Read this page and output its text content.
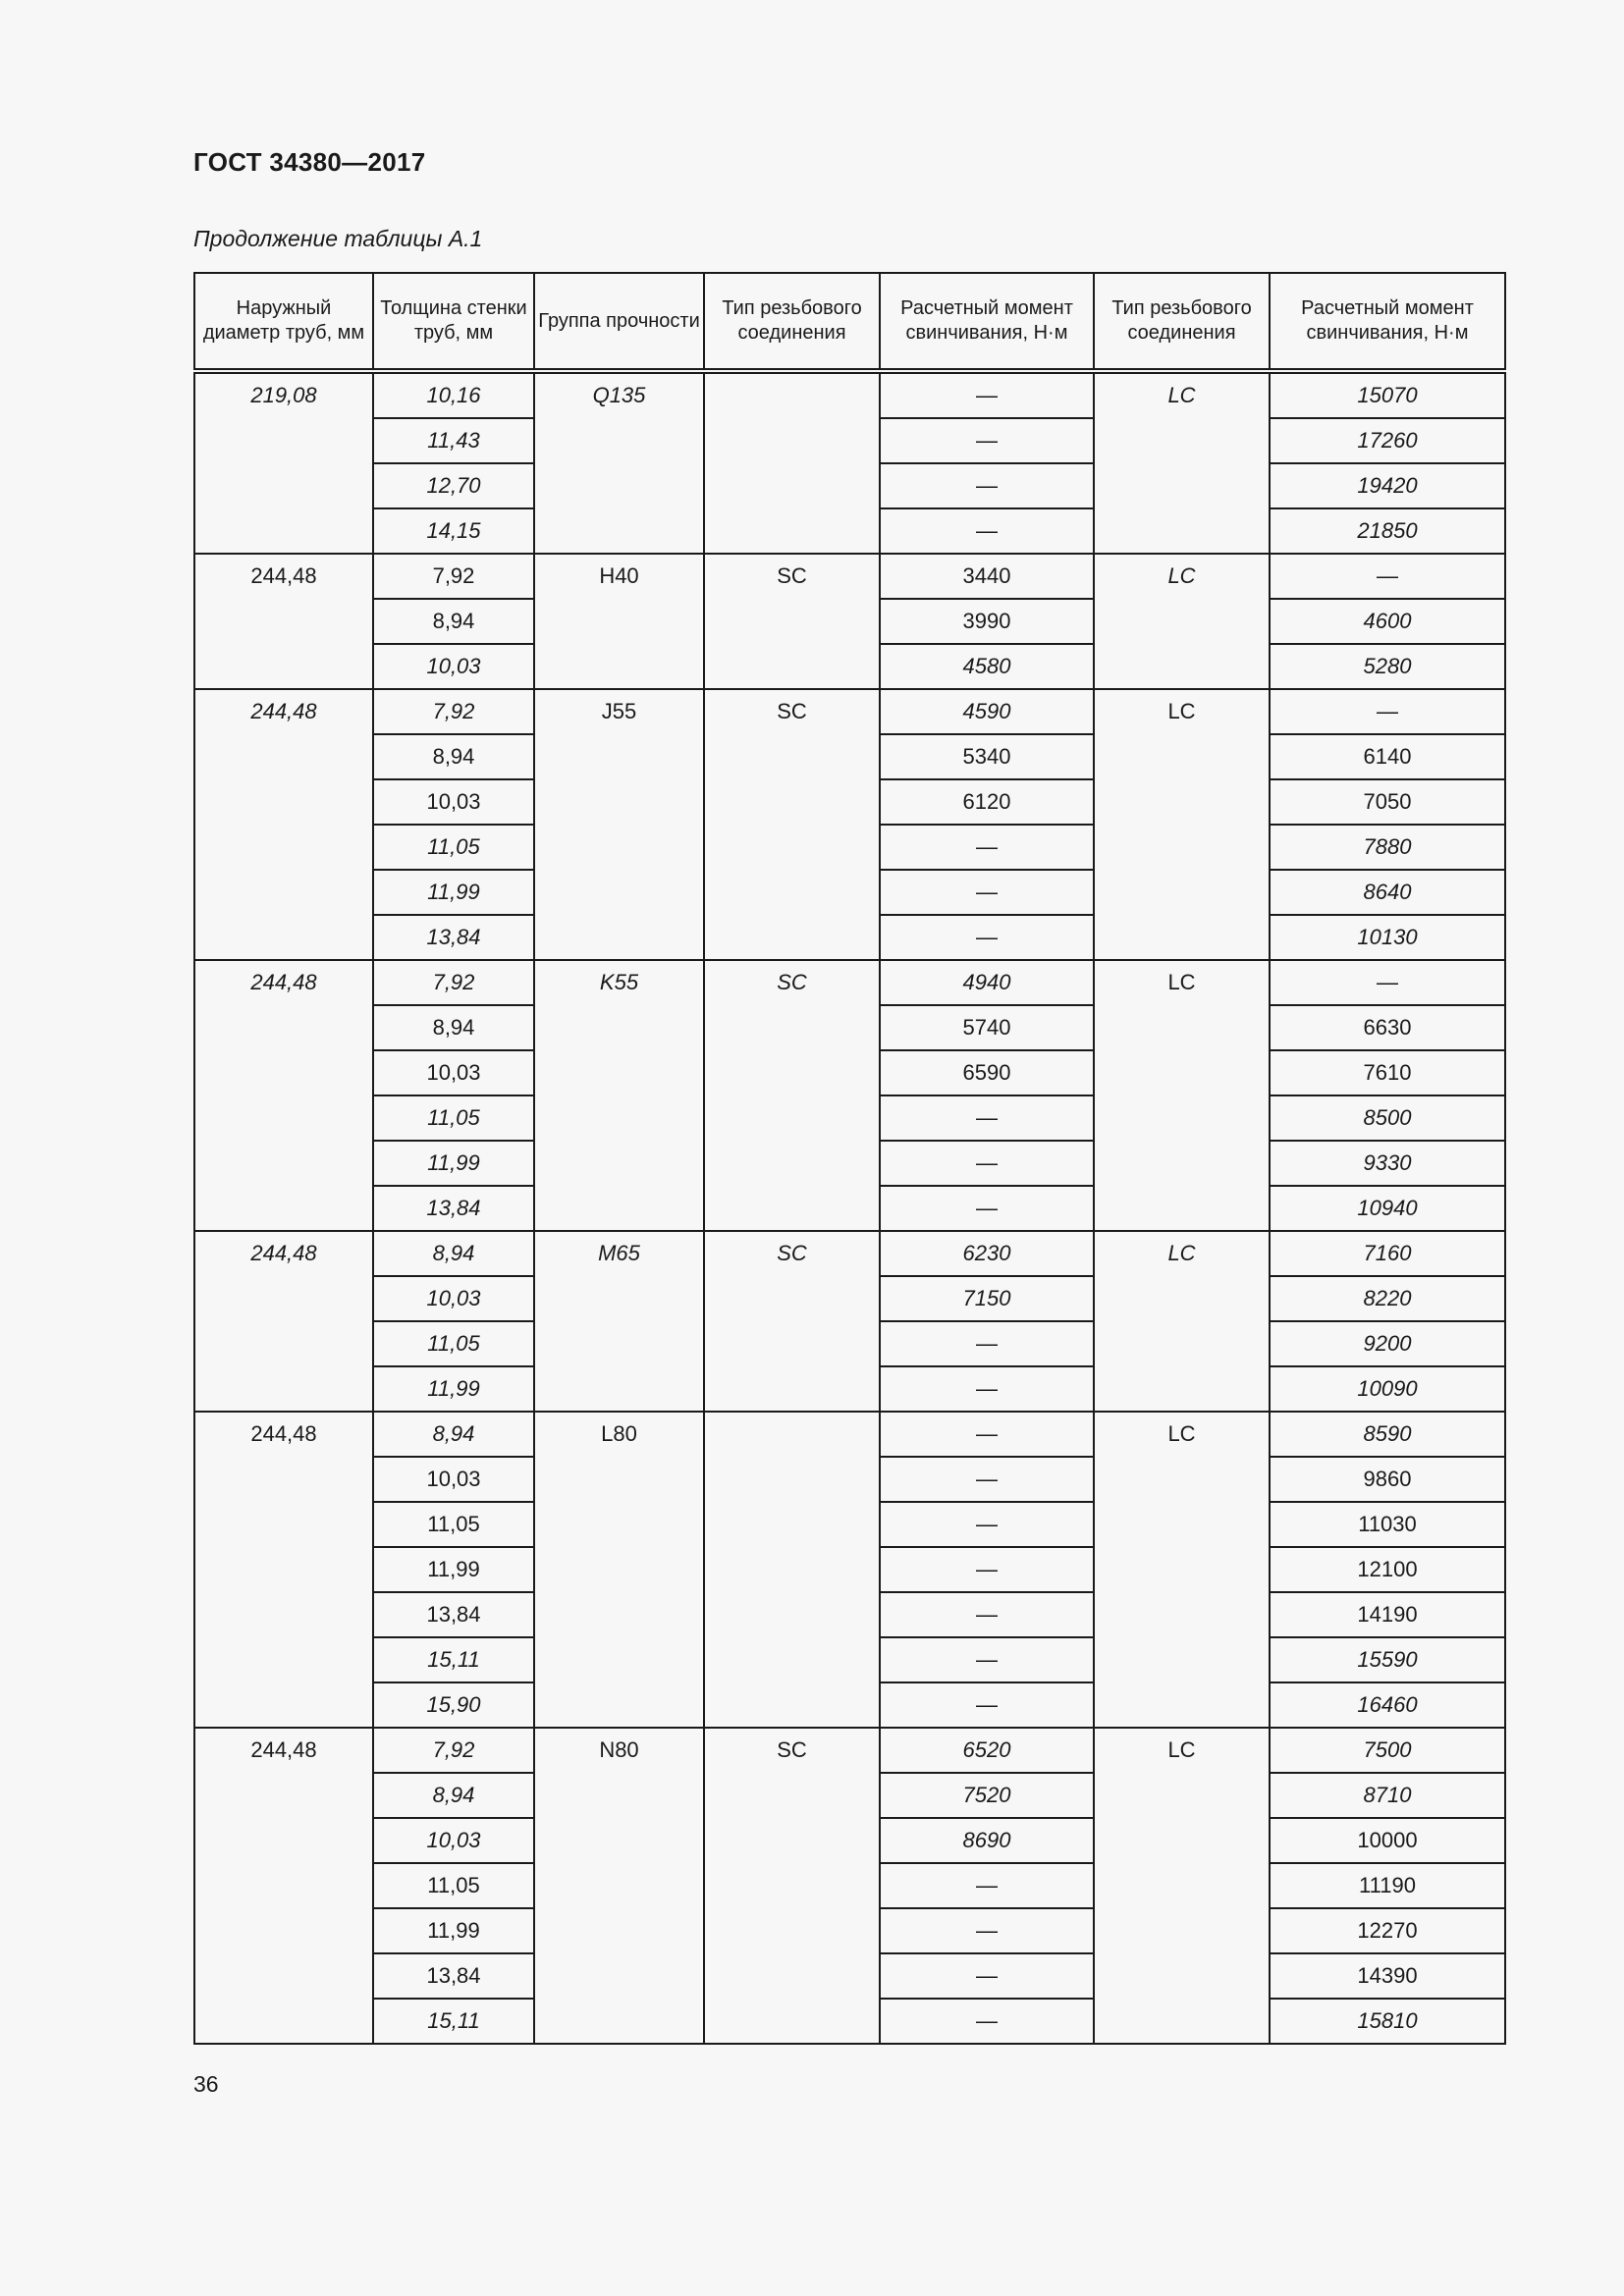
ГОСТ 34380—2017
Продолжение таблицы А.1
Наружный диаметр труб, мм	Толщина стенки труб, мм	Группа прочности	Тип резьбового соединения	Расчетный момент свинчивания, Н·м	Тип резьбового соединения	Расчетный момент свинчивания, Н·м
219,08	10,16	Q135		—	LC	15070
	11,43			—		17260
	12,70			—		19420
	14,15			—		21850
244,48	7,92	H40	SC	3440	LC	—
	8,94			3990		4600
	10,03			4580		5280
244,48	7,92	J55	SC	4590	LC	—
	8,94			5340		6140
	10,03			6120		7050
	11,05			—		7880
	11,99			—		8640
	13,84			—		10130
244,48	7,92	K55	SC	4940	LC	—
	8,94			5740		6630
	10,03			6590		7610
	11,05			—		8500
	11,99			—		9330
	13,84			—		10940
244,48	8,94	M65	SC	6230	LC	7160
	10,03			7150		8220
	11,05			—		9200
	11,99			—		10090
244,48	8,94	L80		—	LC	8590
	10,03			—		9860
	11,05			—		11030
	11,99			—		12100
	13,84			—		14190
	15,11			—		15590
	15,90			—		16460
244,48	7,92	N80	SC	6520	LC	7500
	8,94			7520		8710
	10,03			8690		10000
	11,05			—		11190
	11,99			—		12270
	13,84			—		14390
	15,11			—		15810
36
